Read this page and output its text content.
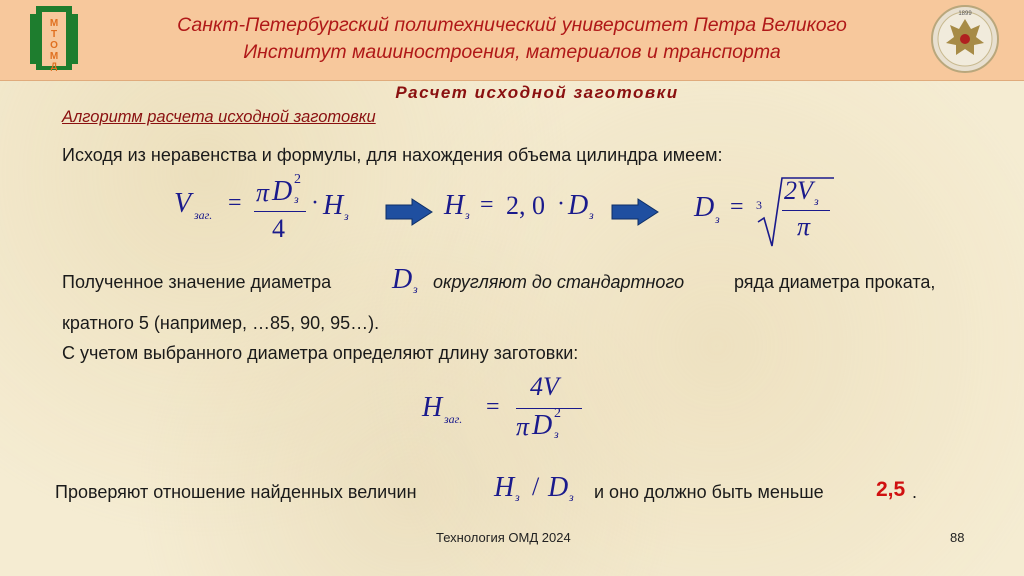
М
Т
О
М
Д
Санкт-Петербургский политехнический университет Петра Великого
Институт машиностроения, материалов и транспорта
1899
Расчет исходной заготовки
Алгоритм расчета исходной заготовки
Исходя из неравенства и формулы, для нахождения объема цилиндра имеем:
V заг. = π D 2
з
4
· H з	H з = 2, 0 · D з	D з = 3 2V з
π
Полученное значение диаметра D з округляют до стандартного	ряда диаметра проката,
кратного 5 (например, …85, 90, 95…).
С учетом выбранного диаметра определяют длину заготовки:
H заг. =
4V
π D 2
з
Проверяют отношение найденных величин	H з / D з и оно должно быть меньше 2,5 .
Технология ОМД 2024	88
